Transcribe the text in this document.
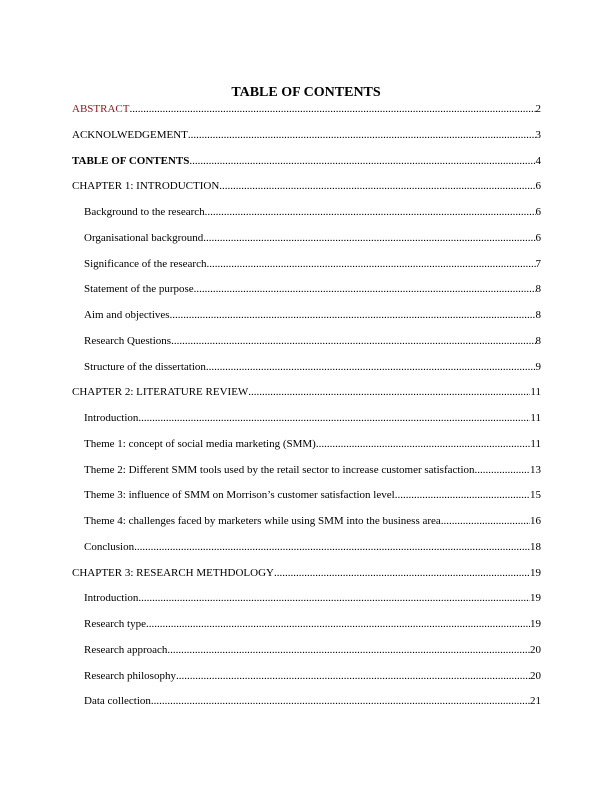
TABLE OF CONTENTS
ABSTRACT .....	2
ACKNOLWEDGEMENT .....	3
TABLE OF CONTENTS .....	4
CHAPTER 1: INTRODUCTION .....	6
Background to the research .....	6
Organisational background .....	6
Significance of the research .....	7
Statement of the purpose .....	8
Aim and objectives .....	8
Research Questions .....	8
Structure of the dissertation .....	9
CHAPTER 2: LITERATURE REVIEW .....	11
Introduction .....	11
Theme 1: concept of social media marketing (SMM) .....	11
Theme 2: Different SMM tools used by the retail sector to increase customer satisfaction .....	13
Theme 3: influence of SMM on Morrison’s customer satisfaction level .....	15
Theme 4: challenges faced by marketers while using SMM into the business area .....	16
Conclusion .....	18
CHAPTER 3: RESEARCH METHDOLOGY .....	19
Introduction .....	19
Research type .....	19
Research approach .....	20
Research philosophy .....	20
Data collection .....	21
